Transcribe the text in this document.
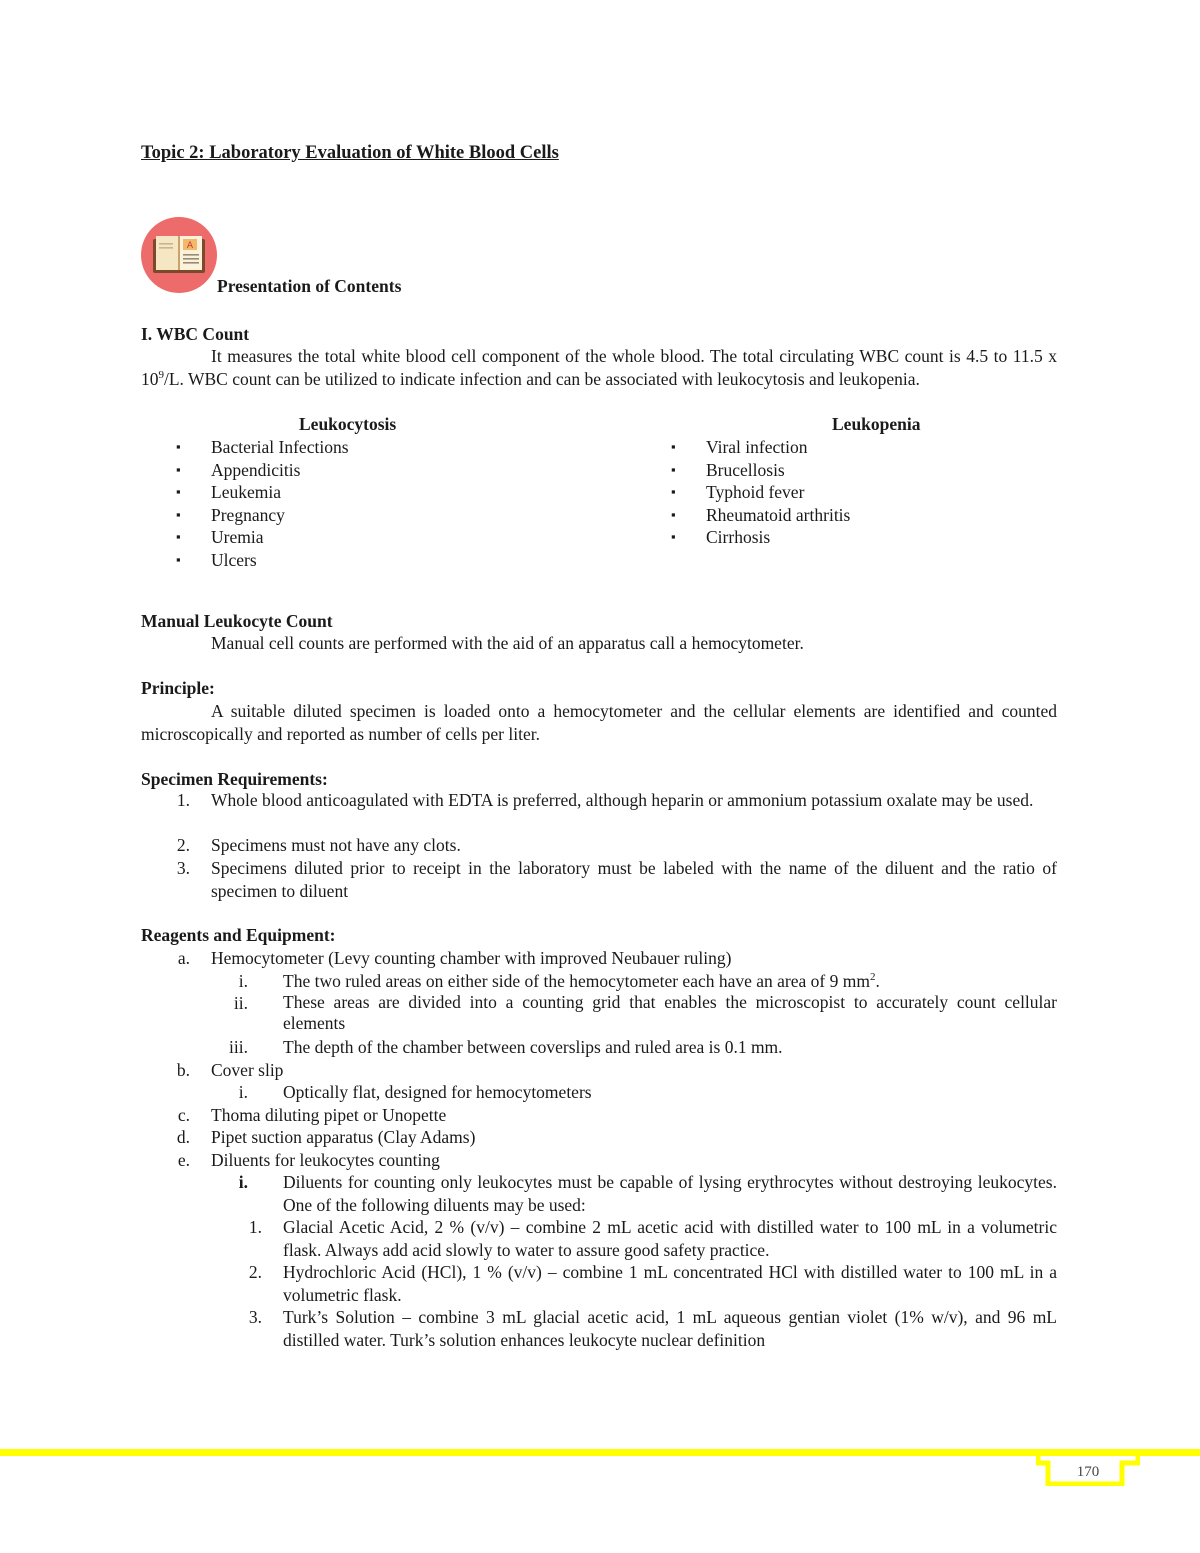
Topic 2: Laboratory Evaluation of White Blood Cells
A
Presentation of Contents
I. WBC Count
It measures the total white blood cell component of the whole blood. The total circulating WBC count is 4.5 to 11.5 x $10^9/L$. WBC count can be utilized to indicate infection and can be associated with leukocytosis and leukopenia.
Leukocytosis	Leukopenia
▪ Bacterial Infections
▪ Appendicitis
▪ Leukemia
▪ Pregnancy
▪ Uremia
▪ Ulcers
▪ Viral infection
▪ Brucellosis
▪ Typhoid fever
▪ Rheumatoid arthritis
▪ Cirrhosis
Manual Leukocyte Count
Manual cell counts are performed with the aid of an apparatus call a hemocytometer.
Principle:
A suitable diluted specimen is loaded onto a hemocytometer and the cellular elements are identified and counted microscopically and reported as number of cells per liter.
Specimen Requirements:
1. Whole blood anticoagulated with EDTA is preferred, although heparin or ammonium potassium oxalate may be used.
2. Specimens must not have any clots.
3. Specimens diluted prior to receipt in the laboratory must be labeled with the name of the diluent and the ratio of specimen to diluent
Reagents and Equipment:
a. Hemocytometer (Levy counting chamber with improved Neubauer ruling)
i. The two ruled areas on either side of the hemocytometer each have an area of 9 $mm^2$.
ii. These areas are divided into a counting grid that enables the microscopist to accurately count cellular elements
iii. The depth of the chamber between coverslips and ruled area is 0.1 mm.
b. Cover slip
i. Optically flat, designed for hemocytometers
c. Thoma diluting pipet or Unopette
d. Pipet suction apparatus (Clay Adams)
e. Diluents for leukocytes counting
i. Diluents for counting only leukocytes must be capable of lysing erythrocytes without destroying leukocytes. One of the following diluents may be used:
1. Glacial Acetic Acid, 2 % (v/v) – combine 2 mL acetic acid with distilled water to 100 mL in a volumetric flask. Always add acid slowly to water to assure good safety practice.
2. Hydrochloric Acid (HCl), 1 % (v/v) – combine 1 mL concentrated HCl with distilled water to 100 mL in a volumetric flask.
3. Turk’s Solution – combine 3 mL glacial acetic acid, 1 mL aqueous gentian violet (1% w/v), and 96 mL distilled water. Turk’s solution enhances leukocyte nuclear definition
170
